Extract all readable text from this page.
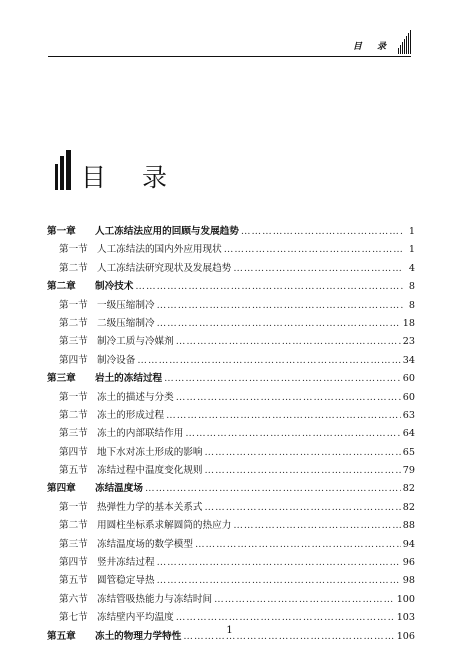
目 录
目 录
第一章	人工冻结法应用的回顾与发展趋势 …………………………………………………………………………………………………………………………………………	1
第一节 人工冻结法的国内外应用现状 …………………………………………………………………………………………………………………………………………	1
第二节 人工冻结法研究现状及发展趋势 …………………………………………………………………………………………………………………………………………	4
第二章	制冷技术 …………………………………………………………………………………………………………………………………………	8
第一节 一级压缩制冷 …………………………………………………………………………………………………………………………………………	8
第二节 二级压缩制冷 …………………………………………………………………………………………………………………………………………	18
第三节 制冷工质与冷媒剂 …………………………………………………………………………………………………………………………………………	23
第四节 制冷设备 …………………………………………………………………………………………………………………………………………	34
第三章	岩土的冻结过程 …………………………………………………………………………………………………………………………………………	60
第一节 冻土的描述与分类 …………………………………………………………………………………………………………………………………………	60
第二节 冻土的形成过程 …………………………………………………………………………………………………………………………………………	63
第三节 冻土的内部联结作用 …………………………………………………………………………………………………………………………………………	64
第四节 地下水对冻土形成的影响 …………………………………………………………………………………………………………………………………………	65
第五节 冻结过程中温度变化规则 …………………………………………………………………………………………………………………………………………	79
第四章	冻结温度场 …………………………………………………………………………………………………………………………………………	82
第一节 热弹性力学的基本关系式 …………………………………………………………………………………………………………………………………………	82
第二节 用圆柱坐标系求解圆筒的热应力 …………………………………………………………………………………………………………………………………………	88
第三节 冻结温度场的数学模型 …………………………………………………………………………………………………………………………………………	94
第四节 竖井冻结过程 …………………………………………………………………………………………………………………………………………	96
第五节 圆管稳定导热 …………………………………………………………………………………………………………………………………………	98
第六节 冻结管吸热能力与冻结时间 …………………………………………………………………………………………………………………………………………	100
第七节 冻结壁内平均温度 …………………………………………………………………………………………………………………………………………	103
第五章	冻土的物理力学特性 …………………………………………………………………………………………………………………………………………	106
1
